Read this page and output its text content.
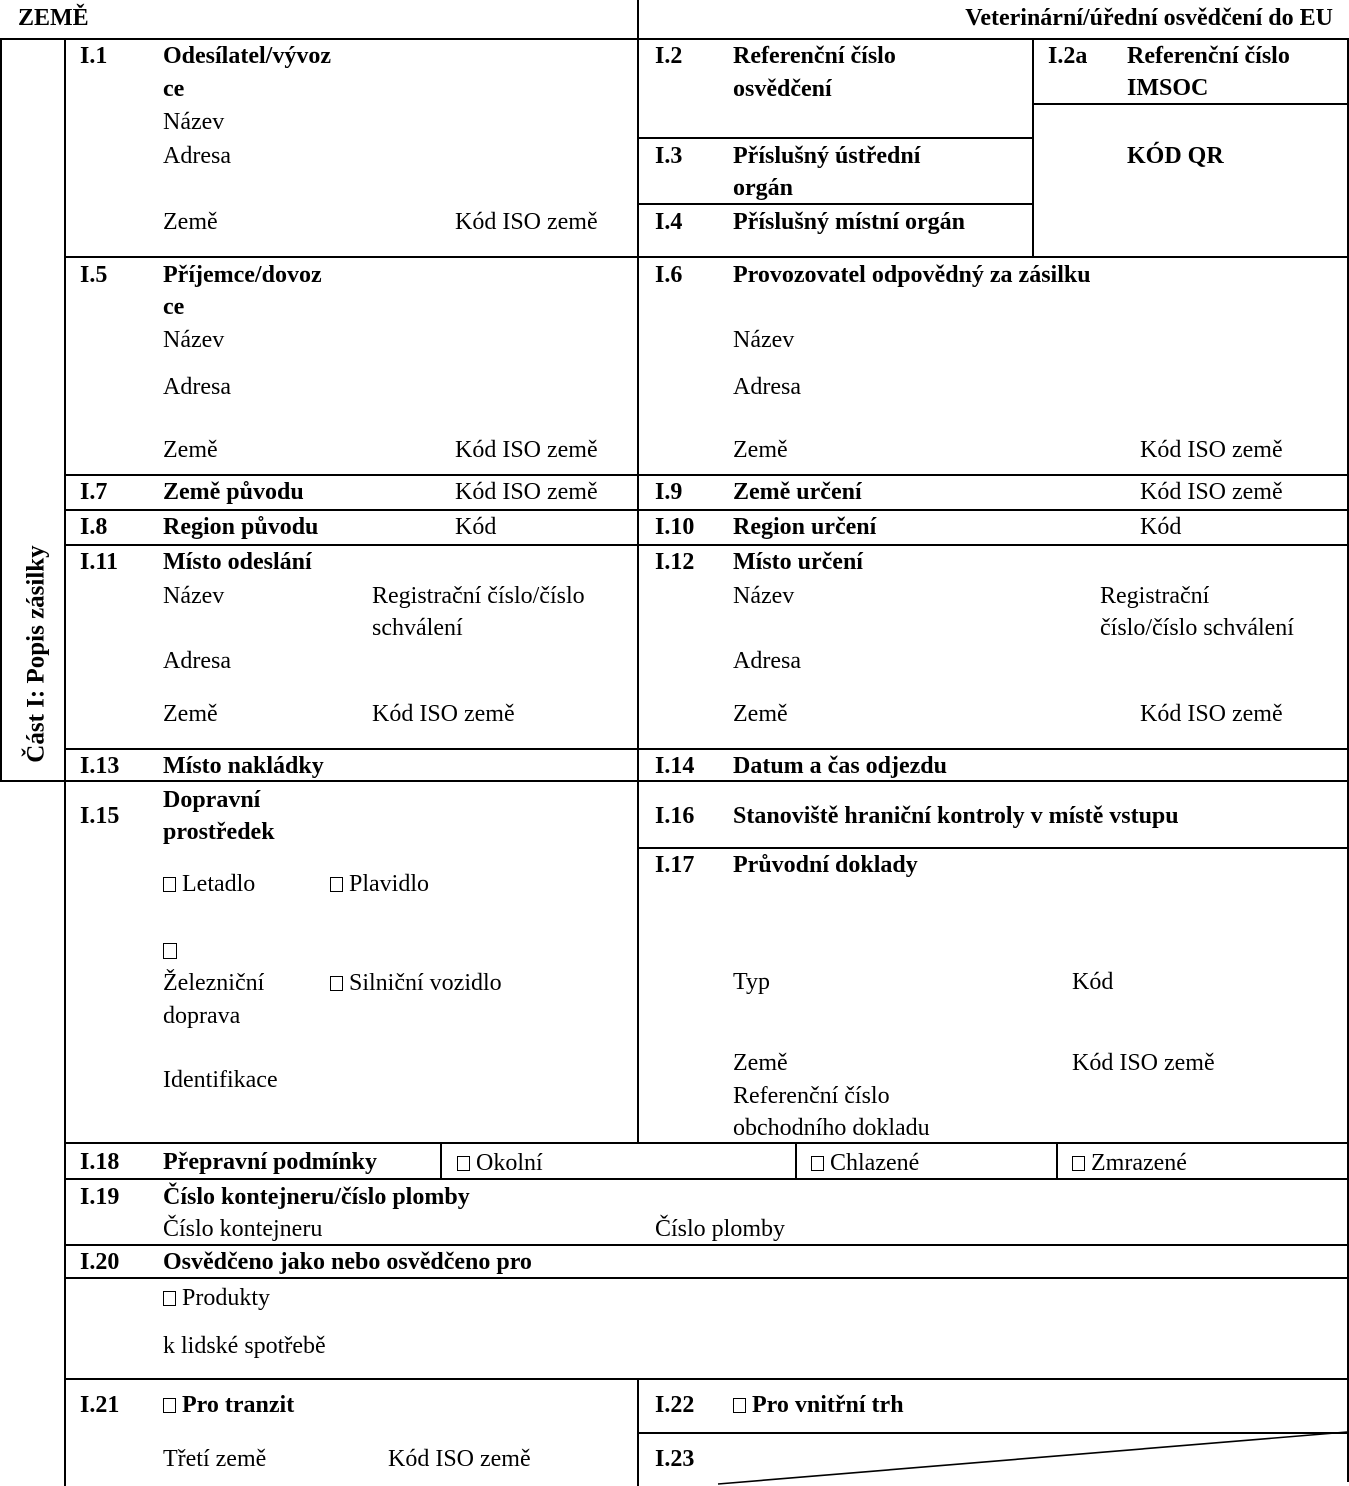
ZEMĚ	Veterinární/úřední osvědčení do EU
Část I: Popis zásilky
I.1 Odesílatel/vývoz
ce
Název
Adresa
Země	Kód ISO země
I.2 Referenční číslo
osvědčení
I.2a Referenční číslo
IMSOC
KÓD QR
I.3 Příslušný ústřední
orgán
I.4 Příslušný místní orgán
I.5 Příjemce/dovoz
ce
Název
Adresa
Země	Kód ISO země
I.6 Provozovatel odpovědný za zásilku
Název
Adresa
Země	Kód ISO země
I.7 Země původu	Kód ISO země I.9 Země určení	Kód ISO země
I.8 Region původu	Kód	I.10 Region určení	Kód
I.11 Místo odeslání
Název	Registrační číslo/číslo
schválení
Adresa
Země	Kód ISO země
I.12 Místo určení
Název	Registrační
číslo/číslo schválení
Adresa
Země	Kód ISO země
I.13 Místo nakládky	I.14 Datum a čas odjezdu
I.15
Dopravní
prostředek
Letadlo	Plavidlo
Železniční
doprava
Silniční vozidlo
Identifikace
I.16 Stanoviště hraniční kontroly v místě vstupu
I.17 Průvodní doklady
Typ	Kód
Země	Kód ISO země
Referenční číslo
obchodního dokladu
I.18 Přepravní podmínky	Okolní	Chlazené	Zmrazené
I.19 Číslo kontejneru/číslo plomby
Číslo kontejneru	Číslo plomby
I.20 Osvědčeno jako nebo osvědčeno pro
Produkty
k lidské spotřebě
I.21	Pro tranzit
Třetí země	Kód ISO země
I.22	Pro vnitřní trh
I.23
